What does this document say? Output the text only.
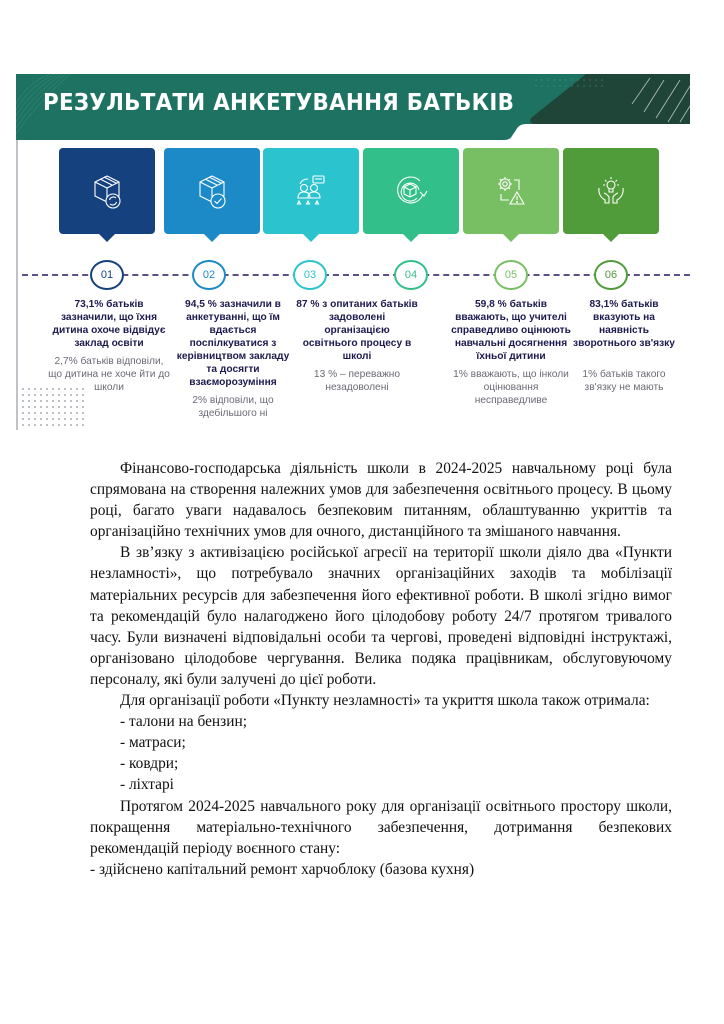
РЕЗУЛЬТАТИ АНКЕТУВАННЯ БАТЬКІВ
01	02	03	04	05	06
73,1% батьків зазначили, що їхня дитина охоче відвідує заклад освіти
2,7% батьків відповіли, що дитина не хоче йти до школи
94,5 % зазначили в анкетуванні, що їм вдається поспілкуватися з керівництвом закладу та досягти взаєморозуміння
2% відповіли, що здебільшого ні
87 % з опитаних батьків задоволені організацією освітнього процесу в школі
13 % – переважно незадоволені
59,8 % батьків вважають, що учителі справедливо оцінюють навчальні досягнення їхньої дитини
1% вважають, що інколи оцінювання несправедливе
83,1% батьків вказують на наявність зворотнього зв'язку
1% батьків такого зв'язку не мають

Фінансово-господарська діяльність школи в 2024-2025 навчальному році була спрямована на створення належних умов для забезпечення освітнього процесу. В цьому році, багато уваги надавалось безпековим питанням, облаштуванню укриттів та організаційно технічних умов для очного, дистанційного та змішаного навчання.

В зв’язку з активізацією російської агресії на території школи діяло два «Пункти незламності», що потребувало значних організаційних заходів та мобілізації матеріальних ресурсів для забезпечення його ефективної роботи. В школі згідно вимог та рекомендацій було налагоджено його цілодобову роботу 24/7 протягом тривалого часу. Були визначені відповідальні особи та чергові, проведені відповідні інструктажі, організовано цілодобове чергування. Велика подяка працівникам, обслуговуючому персоналу, які були залучені до цієї роботи.

Для організації роботи «Пункту незламності» та укриття школа також отримала:

- талони на бензин;

- матраси;

- ковдри;

- ліхтарі

Протягом 2024-2025 навчального року для організації освітнього простору школи, покращення матеріально-технічного забезпечення, дотримання безпекових рекомендацій періоду воєнного стану:

- здійснено капітальний ремонт харчоблоку (базова кухня)
